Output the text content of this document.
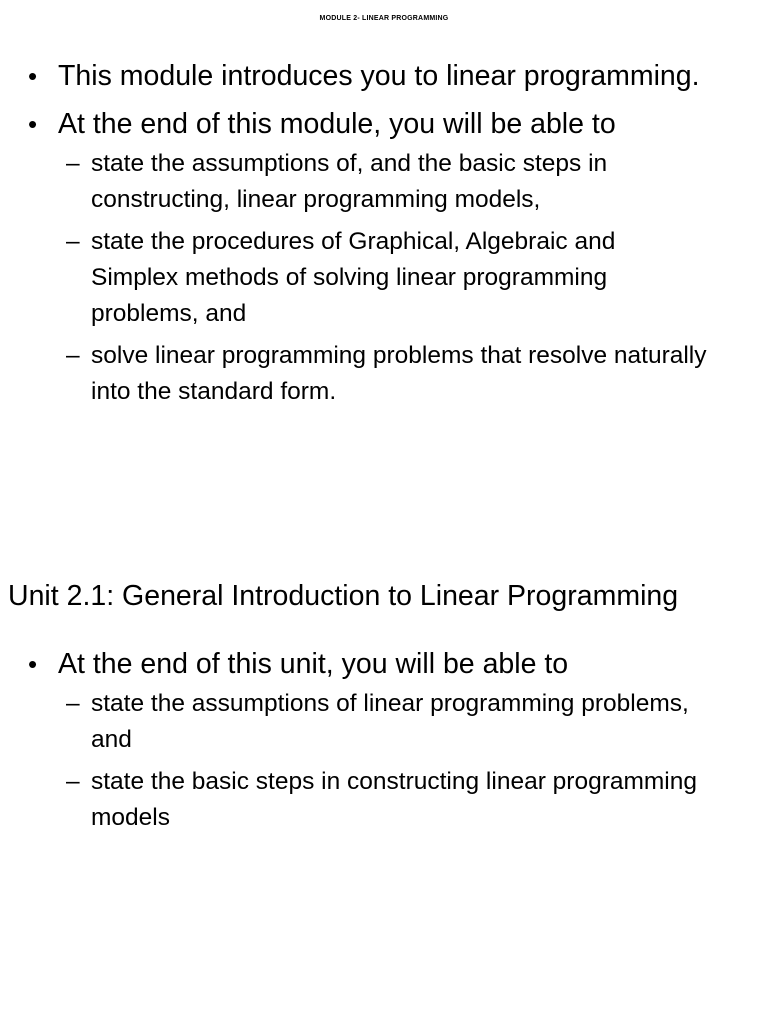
MODULE 2- LINEAR PROGRAMMING
• This module introduces you to linear programming.
• At the end of this module, you will be able to
– state the assumptions of, and the basic steps in constructing, linear programming models,
– state the procedures of Graphical, Algebraic and Simplex methods of solving linear programming problems, and
– solve linear programming problems that resolve naturally into the standard form.
Unit 2.1: General Introduction to Linear Programming
• At the end of this unit, you will be able to
– state the assumptions of linear programming problems, and
– state the basic steps in constructing linear programming models
